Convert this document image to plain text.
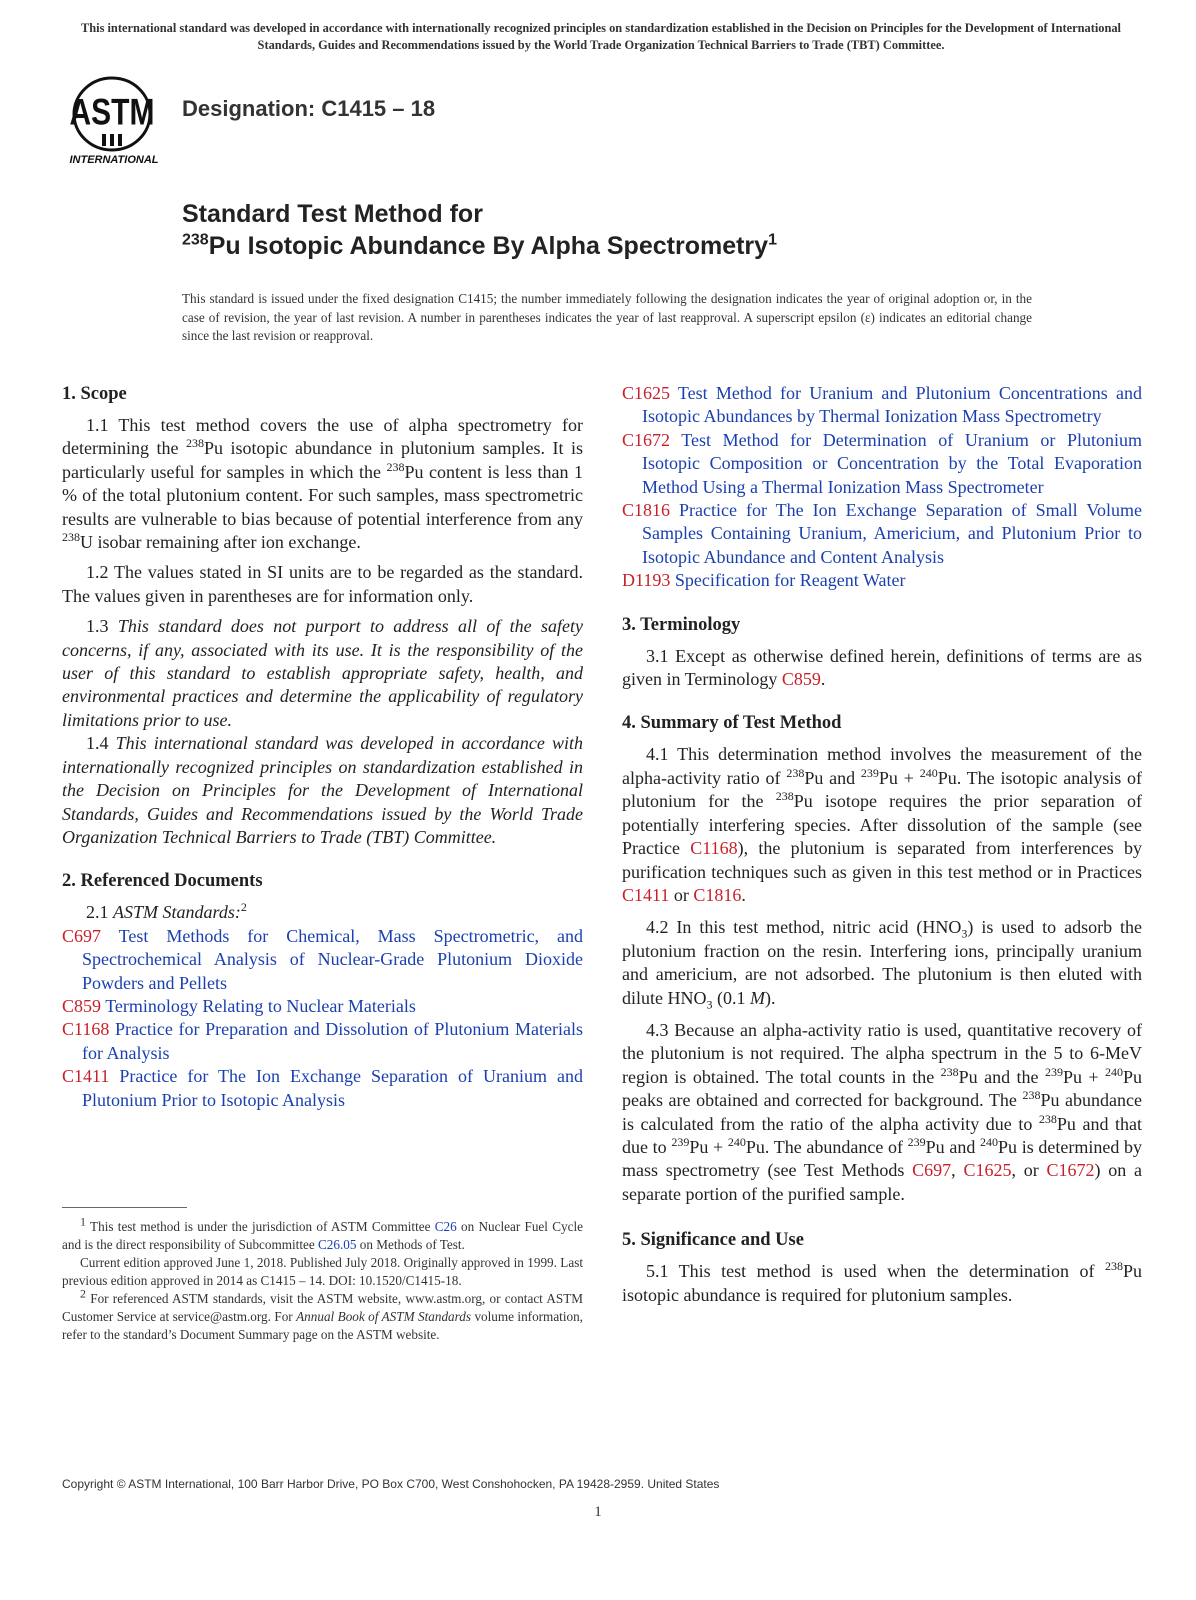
This international standard was developed in accordance with internationally recognized principles on standardization established in the Decision on Principles for the Development of International Standards, Guides and Recommendations issued by the World Trade Organization Technical Barriers to Trade (TBT) Committee.
ASTM
INTERNATIONAL
Designation: C1415 – 18
Standard Test Method for
$^{238}$Pu Isotopic Abundance By Alpha Spectrometry$^1$
This standard is issued under the fixed designation C1415; the number immediately following the designation indicates the year of original adoption or, in the case of revision, the year of last revision. A number in parentheses indicates the year of last reapproval. A superscript epsilon (ε) indicates an editorial change since the last revision or reapproval.
1. Scope

1.1 This test method covers the use of alpha spectrometry for determining the $^{238}$Pu isotopic abundance in plutonium samples. It is particularly useful for samples in which the $^{238}$Pu content is less than 1 % of the total plutonium content. For such samples, mass spectrometric results are vulnerable to bias because of potential interference from any $^{238}$U isobar remaining after ion exchange.

1.2 The values stated in SI units are to be regarded as the standard. The values given in parentheses are for information only.

1.3 This standard does not purport to address all of the safety concerns, if any, associated with its use. It is the responsibility of the user of this standard to establish appropriate safety, health, and environmental practices and determine the applicability of regulatory limitations prior to use.

1.4 This international standard was developed in accordance with internationally recognized principles on standardization established in the Decision on Principles for the Development of International Standards, Guides and Recommendations issued by the World Trade Organization Technical Barriers to Trade (TBT) Committee.

2. Referenced Documents

2.1 ASTM Standards:$^2$

C697 Test Methods for Chemical, Mass Spectrometric, and Spectrochemical Analysis of Nuclear-Grade Plutonium Dioxide Powders and Pellets

C859 Terminology Relating to Nuclear Materials

C1168 Practice for Preparation and Dissolution of Plutonium Materials for Analysis

C1411 Practice for The Ion Exchange Separation of Uranium and Plutonium Prior to Isotopic Analysis

$^1$ This test method is under the jurisdiction of ASTM Committee C26 on Nuclear Fuel Cycle and is the direct responsibility of Subcommittee C26.05 on Methods of Test.

Current edition approved June 1, 2018. Published July 2018. Originally approved in 1999. Last previous edition approved in 2014 as C1415 – 14. DOI: 10.1520/C1415-18.

$^2$ For referenced ASTM standards, visit the ASTM website, www.astm.org, or contact ASTM Customer Service at service@astm.org. For Annual Book of ASTM Standards volume information, refer to the standard’s Document Summary page on the ASTM website.

C1625 Test Method for Uranium and Plutonium Concentrations and Isotopic Abundances by Thermal Ionization Mass Spectrometry

C1672 Test Method for Determination of Uranium or Plutonium Isotopic Composition or Concentration by the Total Evaporation Method Using a Thermal Ionization Mass Spectrometer

C1816 Practice for The Ion Exchange Separation of Small Volume Samples Containing Uranium, Americium, and Plutonium Prior to Isotopic Abundance and Content Analysis

D1193 Specification for Reagent Water

3. Terminology

3.1 Except as otherwise defined herein, definitions of terms are as given in Terminology C859.

4. Summary of Test Method

4.1 This determination method involves the measurement of the alpha-activity ratio of $^{238}$Pu and $^{239}$Pu + $^{240}$Pu. The isotopic analysis of plutonium for the $^{238}$Pu isotope requires the prior separation of potentially interfering species. After dissolution of the sample (see Practice C1168), the plutonium is separated from interferences by purification techniques such as given in this test method or in Practices C1411 or C1816.

4.2 In this test method, nitric acid $(HNO_3)$ is used to adsorb the plutonium fraction on the resin. Interfering ions, principally uranium and americium, are not adsorbed. The plutonium is then eluted with dilute $HNO_3$ (0.1 M).

4.3 Because an alpha-activity ratio is used, quantitative recovery of the plutonium is not required. The alpha spectrum in the 5 to 6-MeV region is obtained. The total counts in the $^{238}$Pu and the $^{239}$Pu + $^{240}$Pu peaks are obtained and corrected for background. The $^{238}$Pu abundance is calculated from the ratio of the alpha activity due to $^{238}$Pu and that due to $^{239}$Pu + $^{240}$Pu. The abundance of $^{239}$Pu and $^{240}$Pu is determined by mass spectrometry (see Test Methods C697, C1625, or C1672) on a separate portion of the purified sample.

5. Significance and Use

5.1 This test method is used when the determination of $^{238}$Pu isotopic abundance is required for plutonium samples.

Copyright © ASTM International, 100 Barr Harbor Drive, PO Box C700, West Conshohocken, PA 19428-2959. United States
1
